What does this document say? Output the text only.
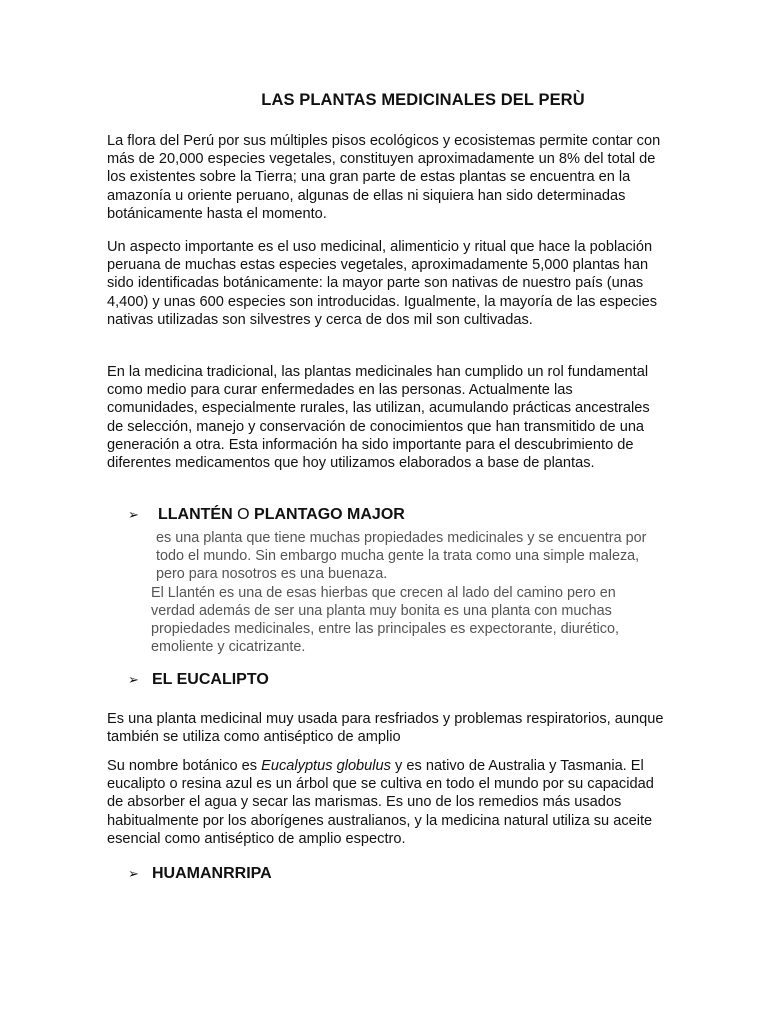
LAS PLANTAS MEDICINALES DEL PERÙ

La flora del Perú por sus múltiples pisos ecológicos y ecosistemas permite contar con más de 20,000 especies vegetales, constituyen aproximadamente un 8% del total de los existentes sobre la Tierra; una gran parte de estas plantas se encuentra en la amazonía u oriente peruano, algunas de ellas ni siquiera han sido determinadas botánicamente hasta el momento.

Un aspecto importante es el uso medicinal, alimenticio y ritual que hace la población peruana de muchas estas especies vegetales, aproximadamente 5,000 plantas han sido identificadas botánicamente: la mayor parte son nativas de nuestro país (unas 4,400) y unas 600 especies son introducidas. Igualmente, la mayoría de las especies nativas utilizadas son silvestres y cerca de dos mil son cultivadas.

En la medicina tradicional, las plantas medicinales han cumplido un rol fundamental como medio para curar enfermedades en las personas. Actualmente las comunidades, especialmente rurales, las utilizan, acumulando prácticas ancestrales de selección, manejo y conservación de conocimientos que han transmitido de una generación a otra. Esta información ha sido importante para el descubrimiento de diferentes medicamentos que hoy utilizamos elaborados a base de plantas.

➢	LLANTÉN O PLANTAGO MAJOR
es una planta que tiene muchas propiedades medicinales y se encuentra por todo el mundo. Sin embargo mucha gente la trata como una simple maleza, pero para nosotros es una buenaza.
El Llantén es una de esas hierbas que crecen al lado del camino pero en verdad además de ser una planta muy bonita es una planta con muchas propiedades medicinales, entre las principales es expectorante, diurético, emoliente y cicatrizante.
➢ EL EUCALIPTO

Es una planta medicinal muy usada para resfriados y problemas respiratorios, aunque también se utiliza como antiséptico de amplio

Su nombre botánico es Eucalyptus globulus y es nativo de Australia y Tasmania. El eucalipto o resina azul es un árbol que se cultiva en todo el mundo por su capacidad de absorber el agua y secar las marismas. Es uno de los remedios más usados habitualmente por los aborígenes australianos, y la medicina natural utiliza su aceite esencial como antiséptico de amplio espectro.

➢ HUAMANRRIPA
